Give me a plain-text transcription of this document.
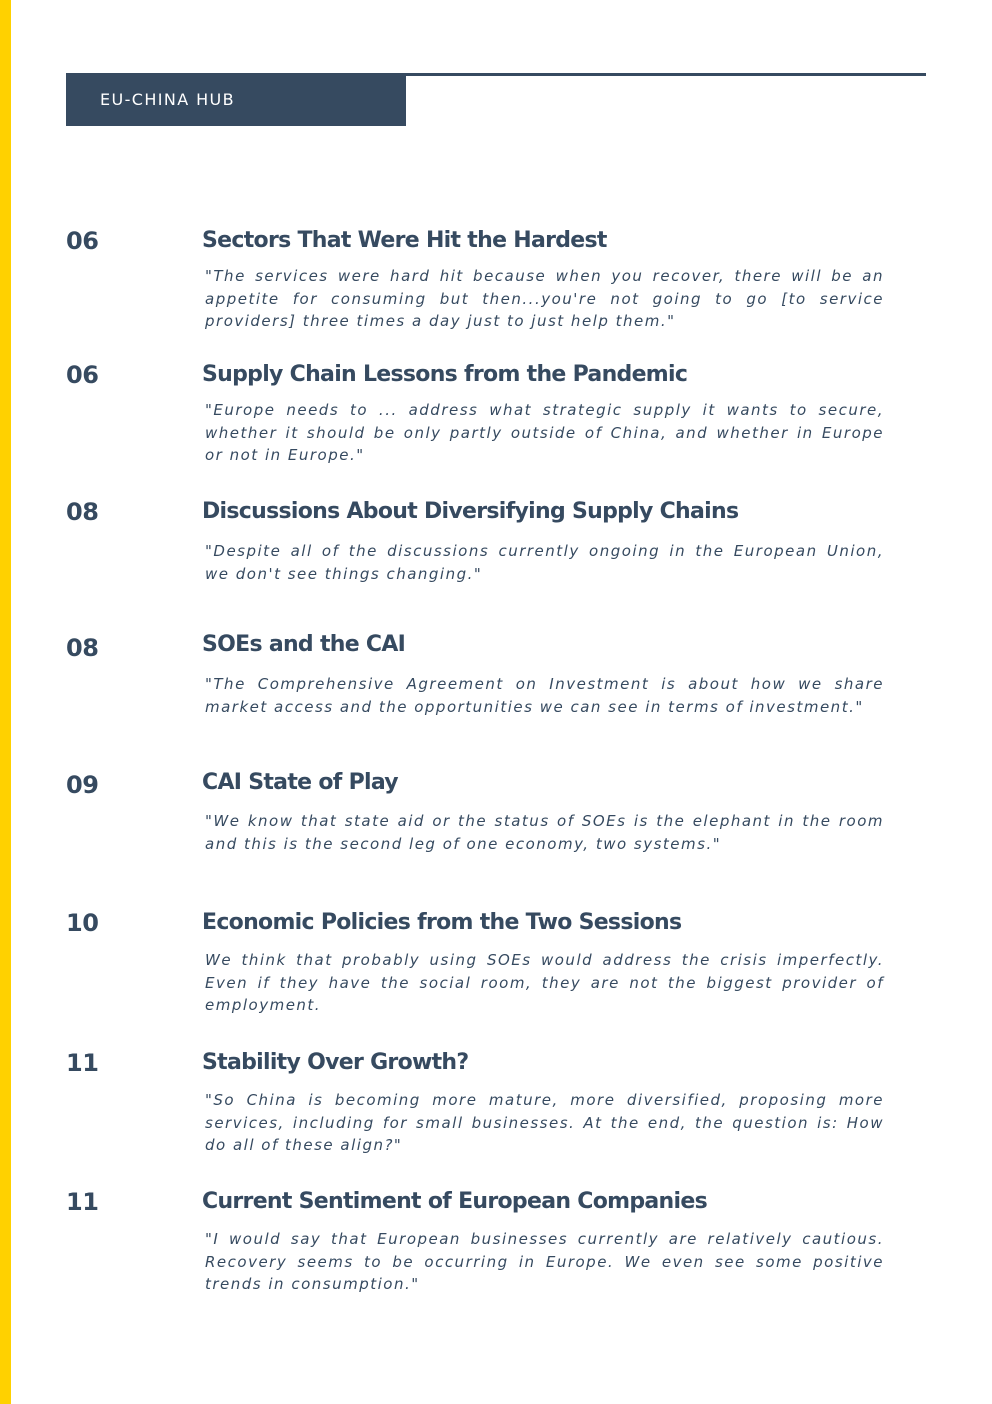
EU-CHINA HUB
06	Sectors That Were Hit the Hardest

"The services were hard hit because when you recover, there will be an appetite for consuming but then...you're not going to go [to service providers] three times a day just to just help them."

06	Supply Chain Lessons from the Pandemic

"Europe needs to ... address what strategic supply it wants to secure, whether it should be only partly outside of China, and whether in Europe or not in Europe."

08	Discussions About Diversifying Supply Chains

"Despite all of the discussions currently ongoing in the European Union, we don't see things changing."

08	SOEs and the CAI

"The Comprehensive Agreement on Investment is about how we share market access and the opportunities we can see in terms of investment."

09	CAI State of Play

"We know that state aid or the status of SOEs is the elephant in the room and this is the second leg of one economy, two systems."

10	Economic Policies from the Two Sessions

We think that probably using SOEs would address the crisis imperfectly. Even if they have the social room, they are not the biggest provider of employment.

11	Stability Over Growth?

"So China is becoming more mature, more diversified, proposing more services, including for small businesses. At the end, the question is: How do all of these align?"

11	Current Sentiment of European Companies

"I would say that European businesses currently are relatively cautious. Recovery seems to be occurring in Europe. We even see some positive trends in consumption."
